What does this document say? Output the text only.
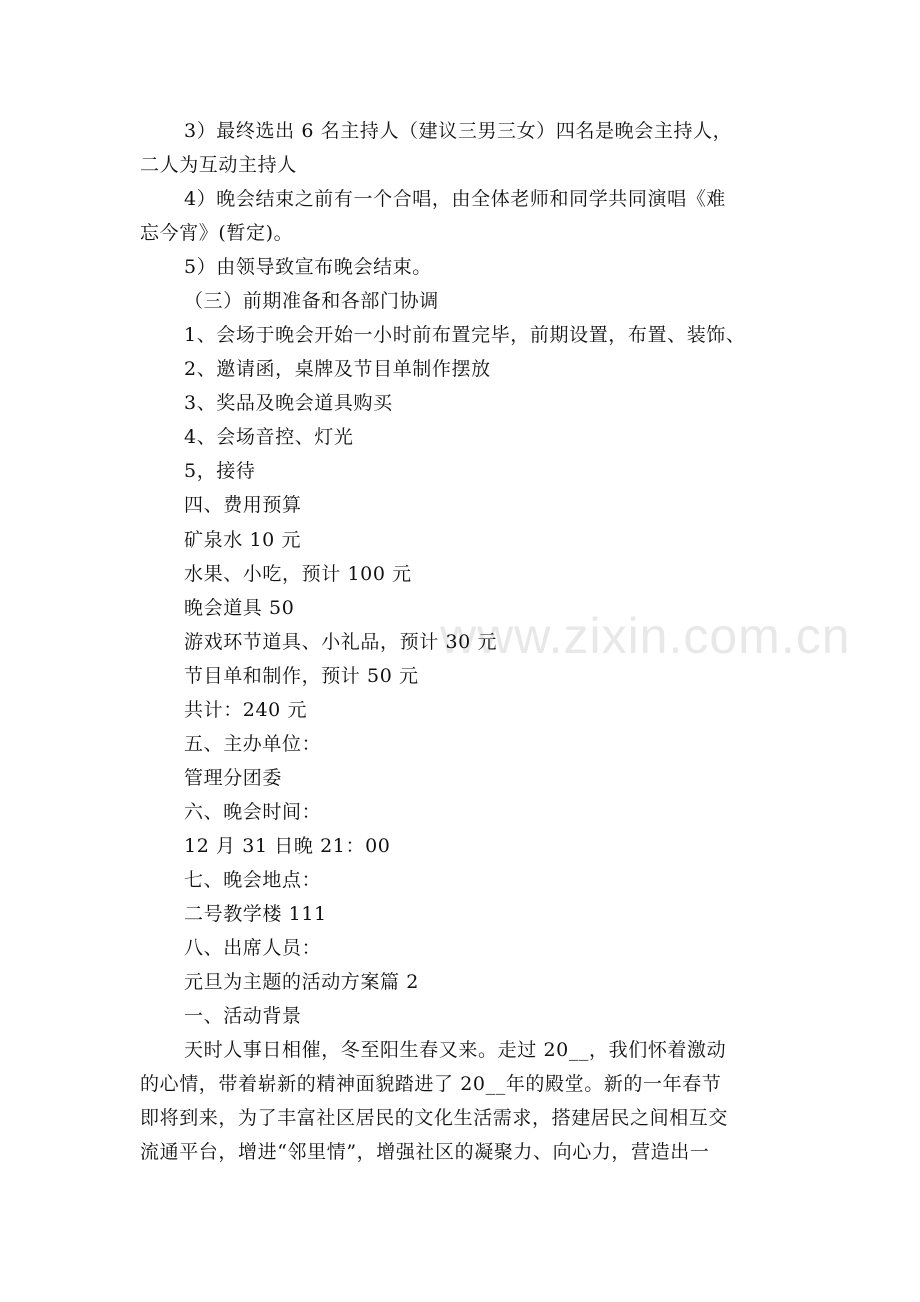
www.zixin.com.cn
3）最终选出 6 名主持人（建议三男三女）四名是晚会主持人，
二人为互动主持人
4）晚会结束之前有一个合唱，由全体老师和同学共同演唱《难
忘今宵》(暂定)。
5）由领导致宣布晚会结束。
（三）前期准备和各部门协调
1、会场于晚会开始一小时前布置完毕，前期设置，布置、装饰、
2、邀请函，桌牌及节目单制作摆放
3、奖品及晚会道具购买
4、会场音控、灯光
5，接待
四、费用预算
矿泉水 10 元
水果、小吃，预计 100 元
晚会道具 50
游戏环节道具、小礼品，预计 30 元
节目单和制作，预计 50 元
共计：240 元
五、主办单位：
管理分团委
六、晚会时间：
12 月 31 日晚 21：00
七、晚会地点：
二号教学楼 111
八、出席人员：
元旦为主题的活动方案篇 2
一、活动背景
天时人事日相催，冬至阳生春又来。走过 20__，我们怀着激动
的心情，带着崭新的精神面貌踏进了 20__年的殿堂。新的一年春节
即将到来，为了丰富社区居民的文化生活需求，搭建居民之间相互交
流通平台，增进“邻里情”，增强社区的凝聚力、向心力，营造出一
